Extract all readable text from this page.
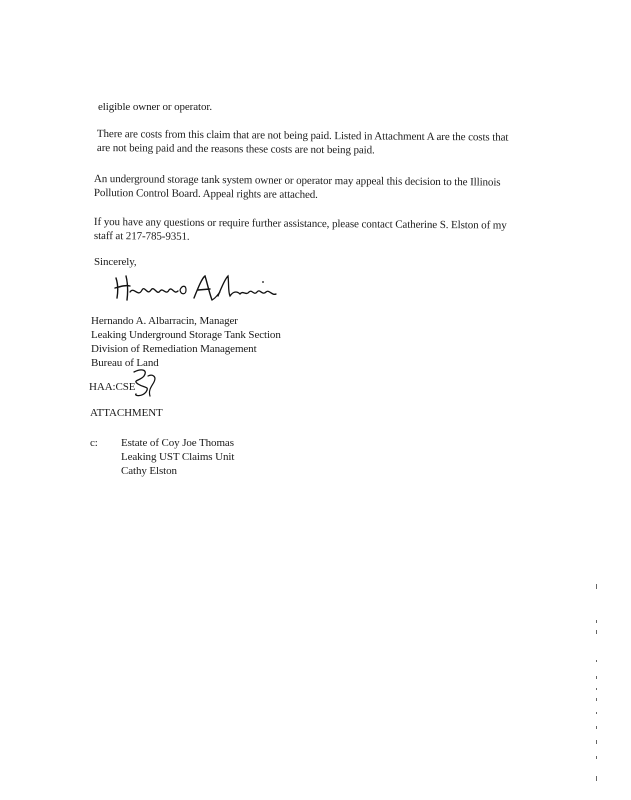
eligible owner or operator.
There are costs from this claim that are not being paid. Listed in Attachment A are the costs that
are not being paid and the reasons these costs are not being paid.
An underground storage tank system owner or operator may appeal this decision to the Illinois
Pollution Control Board. Appeal rights are attached.
If you have any questions or require further assistance, please contact Catherine S. Elston of my
staff at 217-785-9351.
Sincerely,
Hernando A. Albarracin, Manager
Leaking Underground Storage Tank Section
Division of Remediation Management
Bureau of Land
HAA:CSE
ATTACHMENT
c: Estate of Coy Joe Thomas
Leaking UST Claims Unit
Cathy Elston
